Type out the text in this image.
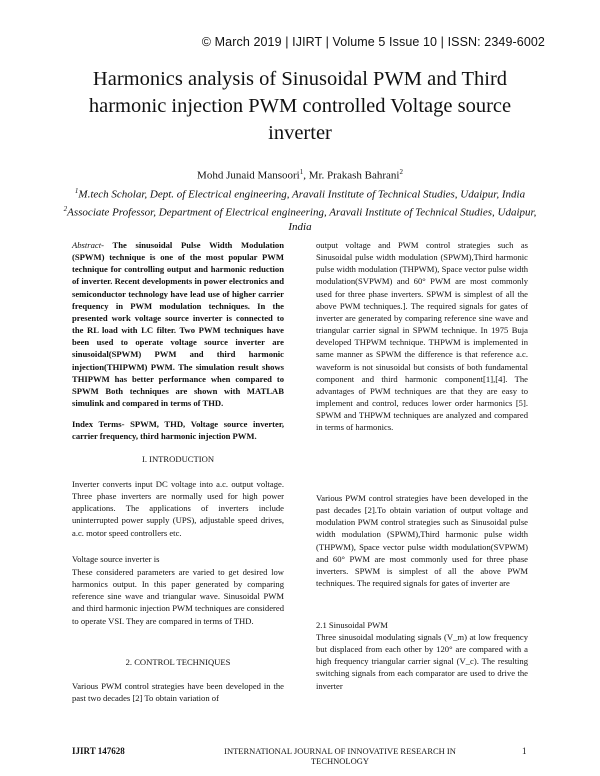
© March 2019 | IJIRT | Volume 5 Issue 10 | ISSN: 2349-6002
Harmonics analysis of Sinusoidal PWM and Third harmonic injection PWM controlled Voltage source inverter
Mohd Junaid Mansoori$^1$, Mr. Prakash Bahrani$^2$
$^1$M.tech Scholar, Dept. of Electrical engineering, Aravali Institute of Technical Studies, Udaipur, India
$^2$Associate Professor, Department of Electrical engineering, Aravali Institute of Technical Studies, Udaipur, India

Abstract- The sinusoidal Pulse Width Modulation (SPWM) technique is one of the most popular PWM technique for controlling output and harmonic reduction of inverter. Recent developments in power electronics and semiconductor technology have lead use of higher carrier frequency in PWM modulation techniques. In the presented work voltage source inverter is connected to the RL load with LC filter. Two PWM techniques have been used to operate voltage source inverter are sinusoidal(SPWM) PWM and third harmonic injection(THIPWM) PWM. The simulation result shows THIPWM has better performance when compared to SPWM Both techniques are shown with MATLAB simulink and compared in terms of THD.

Index Terms- SPWM, THD, Voltage source inverter, carrier frequency, third harmonic injection PWM.
I. INTRODUCTION
Inverter converts input DC voltage into a.c. output voltage. Three phase inverters are normally used for high power applications. The applications of inverters include uninterrupted power supply (UPS), adjustable speed drives, a.c. motor speed controllers etc.
Voltage source inverter is
These considered parameters are varied to get desired low harmonics output. In this paper generated by comparing reference sine wave and triangular wave. Sinusoidal PWM and third harmonic injection PWM techniques are considered to operate VSI. They are compared in terms of THD.
2. CONTROL TECHNIQUES
Various PWM control strategies have been developed in the past two decades [2] To obtain variation of
output voltage and PWM control strategies such as Sinusoidal pulse width modulation (SPWM),Third harmonic pulse width modulation (THPWM), Space vector pulse width modulation(SVPWM) and 60° PWM are most commonly used for three phase inverters. SPWM is simplest of all the above PWM techniques.]. The required signals for gates of inverter are generated by comparing reference sine wave and triangular carrier signal in SPWM technique. In 1975 Buja developed THPWM technique. THPWM is implemented in same manner as SPWM the difference is that reference a.c. waveform is not sinusoidal but consists of both fundamental component and third harmonic component[1],[4]. The advantages of PWM techniques are that they are easy to implement and control, reduces lower order harmonics [5]. SPWM and THPWM techniques are analyzed and compared in terms of harmonics.
Various PWM control strategies have been developed in the past decades [2].To obtain variation of output voltage and modulation PWM control strategies such as Sinusoidal pulse width modulation (SPWM),Third harmonic pulse width (THPWM), Space vector pulse width modulation(SVPWM) and 60° PWM are most commonly used for three phase inverters. SPWM is simplest of all the above PWM techniques. The required signals for gates of inverter are
2.1 Sinusoidal PWM
Three sinusoidal modulating signals (V_m) at low frequency but displaced from each other by 120° are compared with a high frequency triangular carrier signal (V_c). The resulting switching signals from each comparator are used to drive the inverter
IJIRT 147628	INTERNATIONAL JOURNAL OF INNOVATIVE RESEARCH IN TECHNOLOGY
1
